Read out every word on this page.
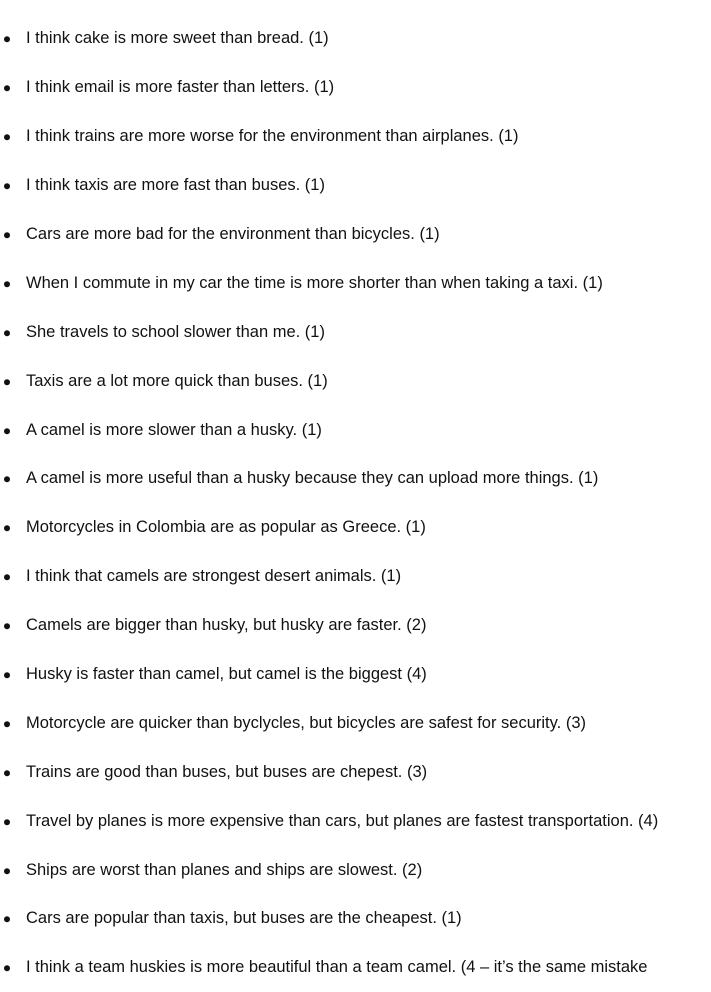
I think cake is more sweet than bread. (1)
I think email is more faster than letters. (1)
I think trains are more worse for the environment than airplanes. (1)
I think taxis are more fast than buses. (1)
Cars are more bad for the environment than bicycles. (1)
When I commute in my car the time is more shorter than when taking a taxi. (1)
She travels to school slower than me. (1)
Taxis are a lot more quick than buses. (1)
A camel is more slower than a husky. (1)
A camel is more useful than a husky because they can upload more things. (1)
Motorcycles in Colombia are as popular as Greece. (1)
I think that camels are strongest desert animals. (1)
Camels are bigger than husky, but husky are faster. (2)
Husky is faster than camel, but camel is the biggest (4)
Motorcycle are quicker than byclycles, but bicycles are safest for security. (3)
Trains are good than buses, but buses are chepest. (3)
Travel by planes is more expensive than cars, but planes are fastest transportation. (4)
Ships are worst than planes and ships are slowest. (2)
Cars are popular than taxis, but buses are the cheapest. (1)
I think a team huskies is more beautiful than a team camel. (4 – it’s the same mistake
